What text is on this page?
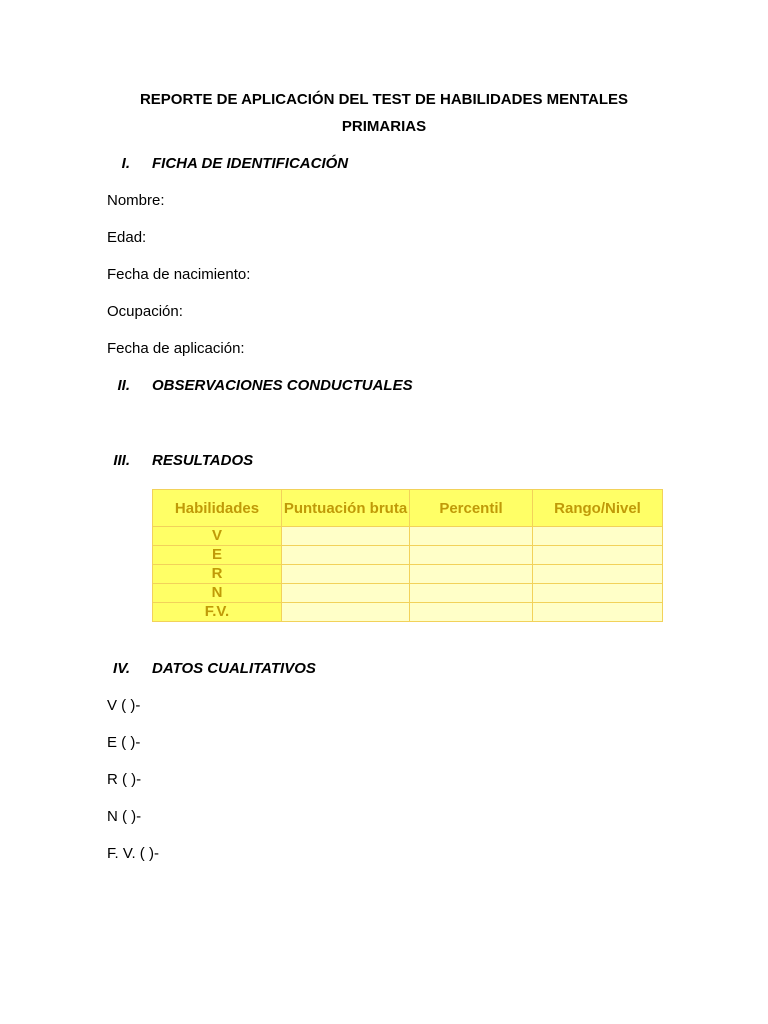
REPORTE DE APLICACIÓN DEL TEST DE HABILIDADES MENTALES
PRIMARIAS
I. FICHA DE IDENTIFICACIÓN
Nombre:
Edad:
Fecha de nacimiento:
Ocupación:
Fecha de aplicación:
II. OBSERVACIONES CONDUCTUALES
III. RESULTADOS
Habilidades	Puntuación bruta	Percentil	Rango/Nivel
V			
E			
R			
N			
F.V.			
IV. DATOS CUALITATIVOS
V ( )-
E ( )-
R ( )-
N ( )-
F. V. ( )-
